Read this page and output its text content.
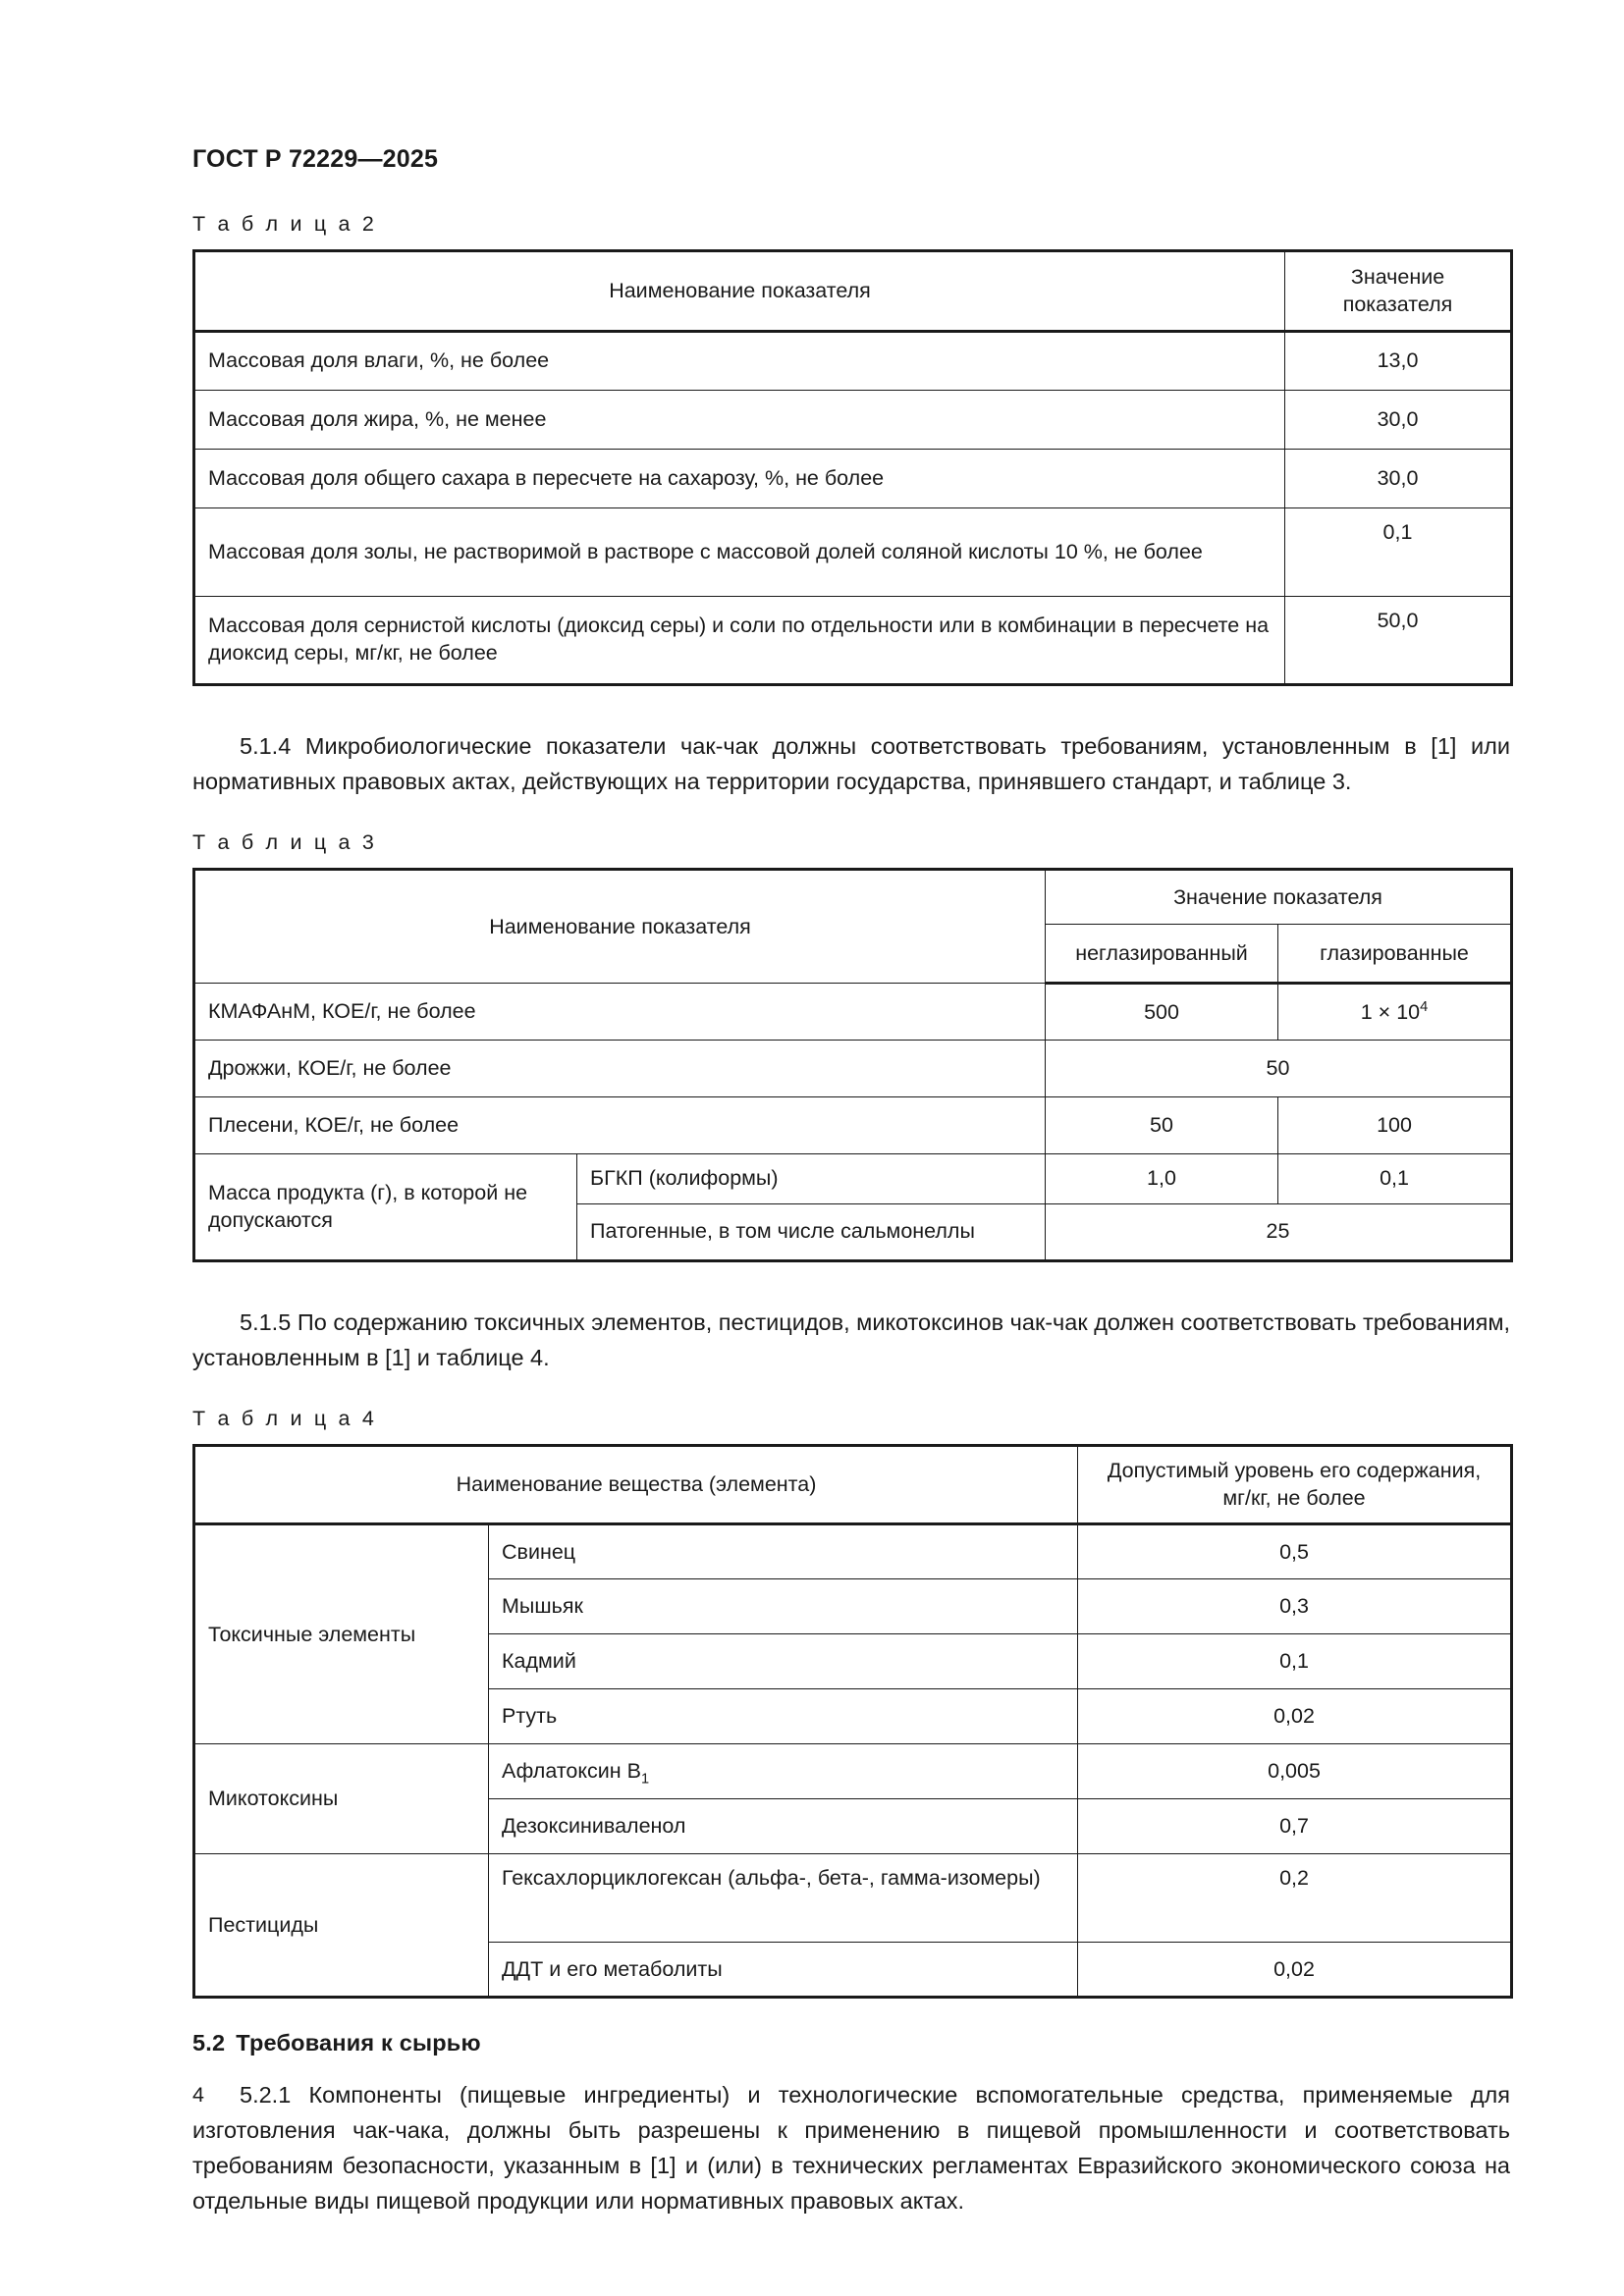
ГОСТ Р 72229—2025
Т а б л и ц а 2
Наименование показателя	Значение
показателя
Массовая доля влаги, %, не более	13,0
Массовая доля жира, %, не менее	30,0
Массовая доля общего сахара в пересчете на сахарозу, %, не более	30,0
Массовая доля золы, не растворимой в растворе с массовой долей соляной кислоты 10 %, не более	0,1
Массовая доля сернистой кислоты (диоксид серы) и соли по отдельности или в комбинации в пересчете на диоксид серы, мг/кг, не более	50,0

5.1.4 Микробиологические показатели чак-чак должны соответствовать требованиям, установленным в [1] или нормативных правовых актах, действующих на территории государства, принявшего стандарт, и таблице 3.

Т а б л и ц а 3
Наименование показателя		Значение показателя	
		неглазированный	глазированные
КМАФАнМ, КОЕ/г, не более		500	$1 \times 10^4$
Дрожжи, КОЕ/г, не более		50	
Плесени, КОЕ/г, не более		50	100
Масса продукта (г), в которой не допускаются	БГКП (колиформы)	1,0	0,1
	Патогенные, в том числе сальмонеллы	25	

5.1.5 По содержанию токсичных элементов, пестицидов, микотоксинов чак-чак должен соответствовать требованиям, установленным в [1] и таблице 4.

Т а б л и ц а 4
Наименование вещества (элемента)		Допустимый уровень его содержания,
мг/кг, не более
Токсичные элементы	Свинец	0,5
	Мышьяк	0,3
	Кадмий	0,1
	Ртуть	0,02
Микотоксины	Афлатоксин $В_1$	0,005
	Дезоксиниваленол	0,7
Пестициды	Гексахлорциклогексан (альфа-, бета-, гамма-изомеры)	0,2
	ДДТ и его метаболиты	0,02
5.2 Требования к сырью

5.2.1 Компоненты (пищевые ингредиенты) и технологические вспомогательные средства, применяемые для изготовления чак-чака, должны быть разрешены к применению в пищевой промышленности и соответствовать требованиям безопасности, указанным в [1] и (или) в технических регламентах Евразийского экономического союза на отдельные виды пищевой продукции или нормативных правовых актах.

4
